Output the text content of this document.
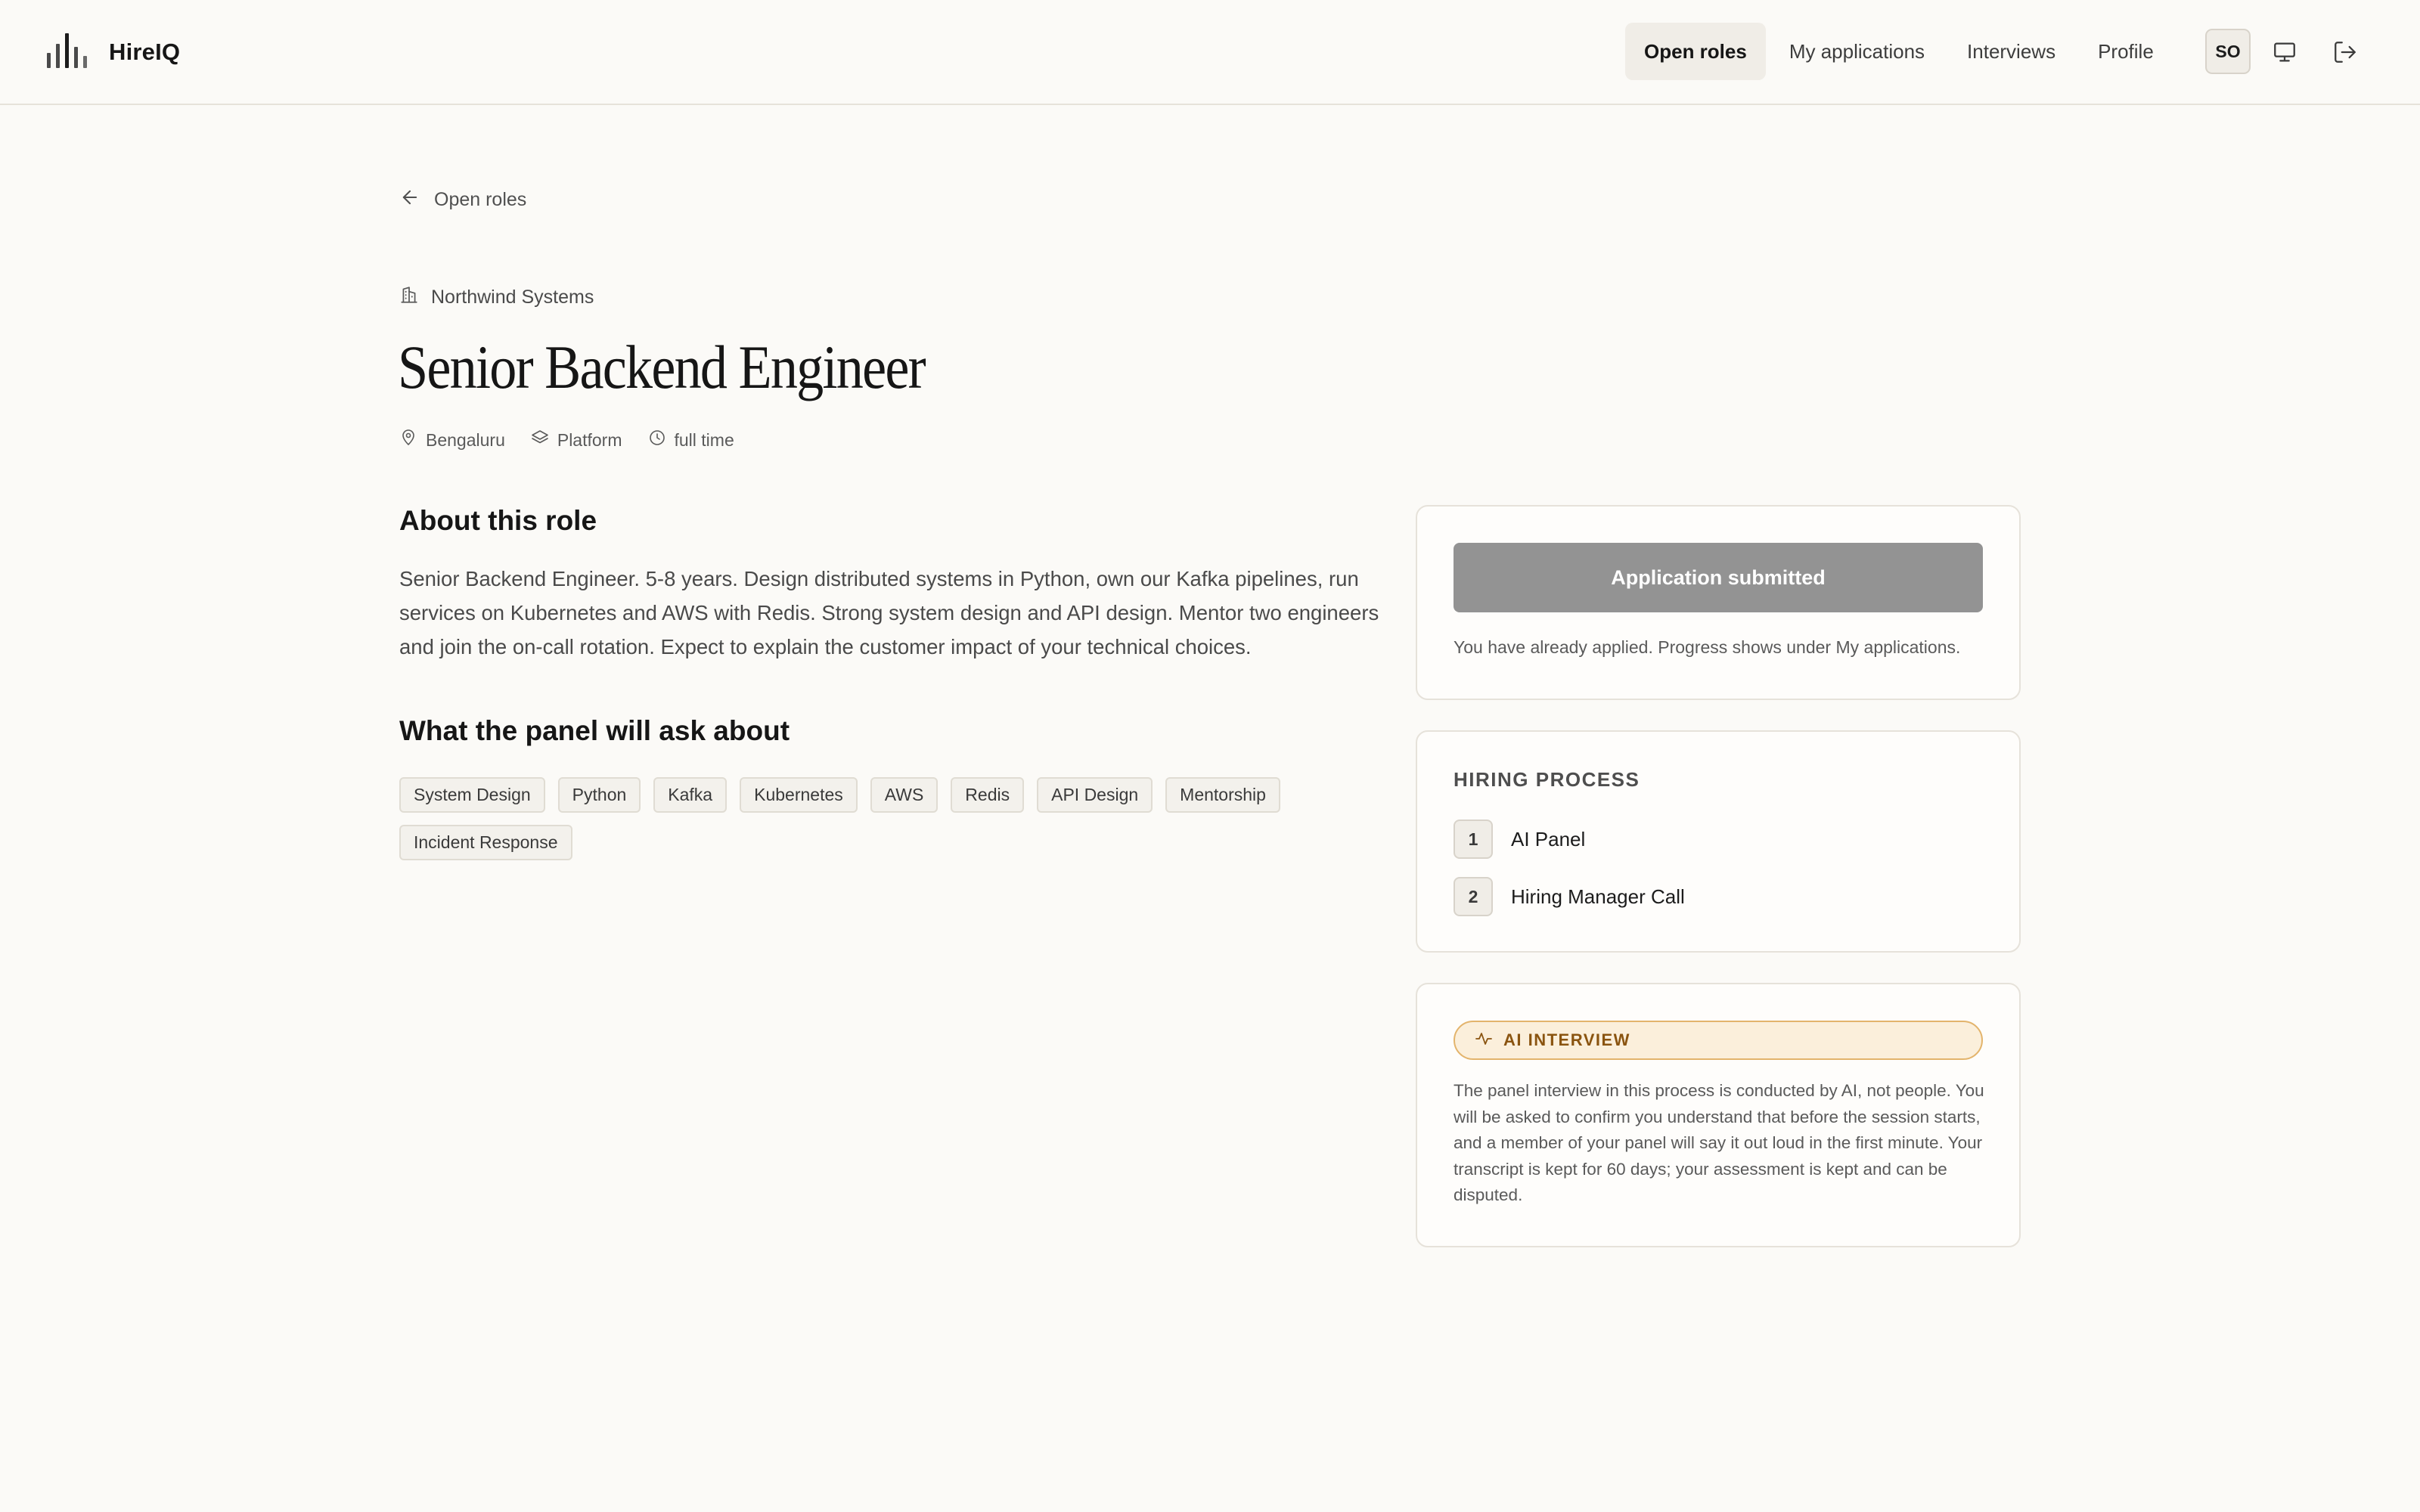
HireIQ	Open roles	My applications	Interviews	Profile	SO
Open roles
Northwind Systems
Senior Backend Engineer
Bengaluru	Platform	full time
About this role

Senior Backend Engineer. 5-8 years. Design distributed systems in Python, own our Kafka pipelines, run services on Kubernetes and AWS with Redis. Strong system design and API design. Mentor two engineers and join the on-call rotation. Expect to explain the customer impact of your technical choices.

What the panel will ask about
System Design	Python	Kafka	Kubernetes	AWS	Redis	API Design	Mentorship
Incident Response
Application submitted

You have already applied. Progress shows under My applications.

HIRING PROCESS
1	AI Panel
2	Hiring Manager Call
AI INTERVIEW

The panel interview in this process is conducted by AI, not people. You will be asked to confirm you understand that before the session starts, and a member of your panel will say it out loud in the first minute. Your transcript is kept for 60 days; your assessment is kept and can be disputed.
